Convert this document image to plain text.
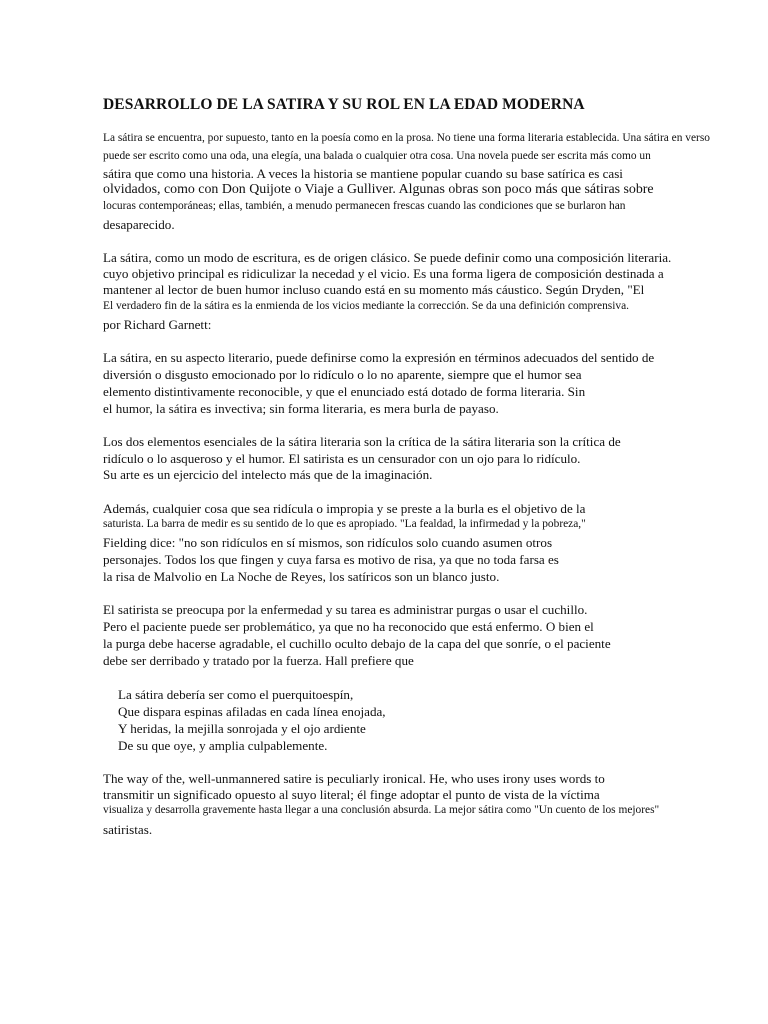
DESARROLLO DE LA SATIRA Y SU ROL EN LA EDAD MODERNA

La sátira se encuentra, por supuesto, tanto en la poesía como en la prosa. No tiene una forma literaria establecida. Una sátira en verso

puede ser escrito como una oda, una elegía, una balada o cualquier otra cosa. Una novela puede ser escrita más como un

sátira que como una historia. A veces la historia se mantiene popular cuando su base satírica es casi

olvidados, como con Don Quijote o Viaje a Gulliver. Algunas obras son poco más que sátiras sobre

locuras contemporáneas; ellas, también, a menudo permanecen frescas cuando las condiciones que se burlaron han

desaparecido.

La sátira, como un modo de escritura, es de origen clásico. Se puede definir como una composición literaria.

cuyo objetivo principal es ridiculizar la necedad y el vicio. Es una forma ligera de composición destinada a

mantener al lector de buen humor incluso cuando está en su momento más cáustico. Según Dryden, "El

El verdadero fin de la sátira es la enmienda de los vicios mediante la corrección. Se da una definición comprensiva.

por Richard Garnett:

La sátira, en su aspecto literario, puede definirse como la expresión en términos adecuados del sentido de

diversión o disgusto emocionado por lo ridículo o lo no aparente, siempre que el humor sea

elemento distintivamente reconocible, y que el enunciado está dotado de forma literaria. Sin

el humor, la sátira es invectiva; sin forma literaria, es mera burla de payaso.

Los dos elementos esenciales de la sátira literaria son la crítica de la sátira literaria son la crítica de

ridículo o lo asqueroso y el humor. El satirista es un censurador con un ojo para lo ridículo.

Su arte es un ejercicio del intelecto más que de la imaginación.

Además, cualquier cosa que sea ridícula o impropia y se preste a la burla es el objetivo de la

saturista. La barra de medir es su sentido de lo que es apropiado. "La fealdad, la infirmedad y la pobreza,"

Fielding dice: "no son ridículos en sí mismos, son ridículos solo cuando asumen otros

personajes. Todos los que fingen y cuya farsa es motivo de risa, ya que no toda farsa es

la risa de Malvolio en La Noche de Reyes, los satíricos son un blanco justo.

El satirista se preocupa por la enfermedad y su tarea es administrar purgas o usar el cuchillo.

Pero el paciente puede ser problemático, ya que no ha reconocido que está enfermo. O bien el

la purga debe hacerse agradable, el cuchillo oculto debajo de la capa del que sonríe, o el paciente

debe ser derribado y tratado por la fuerza. Hall prefiere que

La sátira debería ser como el puerquitoespín,

Que dispara espinas afiladas en cada línea enojada,

Y heridas, la mejilla sonrojada y el ojo ardiente

De su que oye, y amplia culpablemente.

The way of the, well-unmannered satire is peculiarly ironical. He, who uses irony uses words to

transmitir un significado opuesto al suyo literal; él finge adoptar el punto de vista de la víctima

visualiza y desarrolla gravemente hasta llegar a una conclusión absurda. La mejor sátira como "Un cuento de los mejores"

satiristas.
